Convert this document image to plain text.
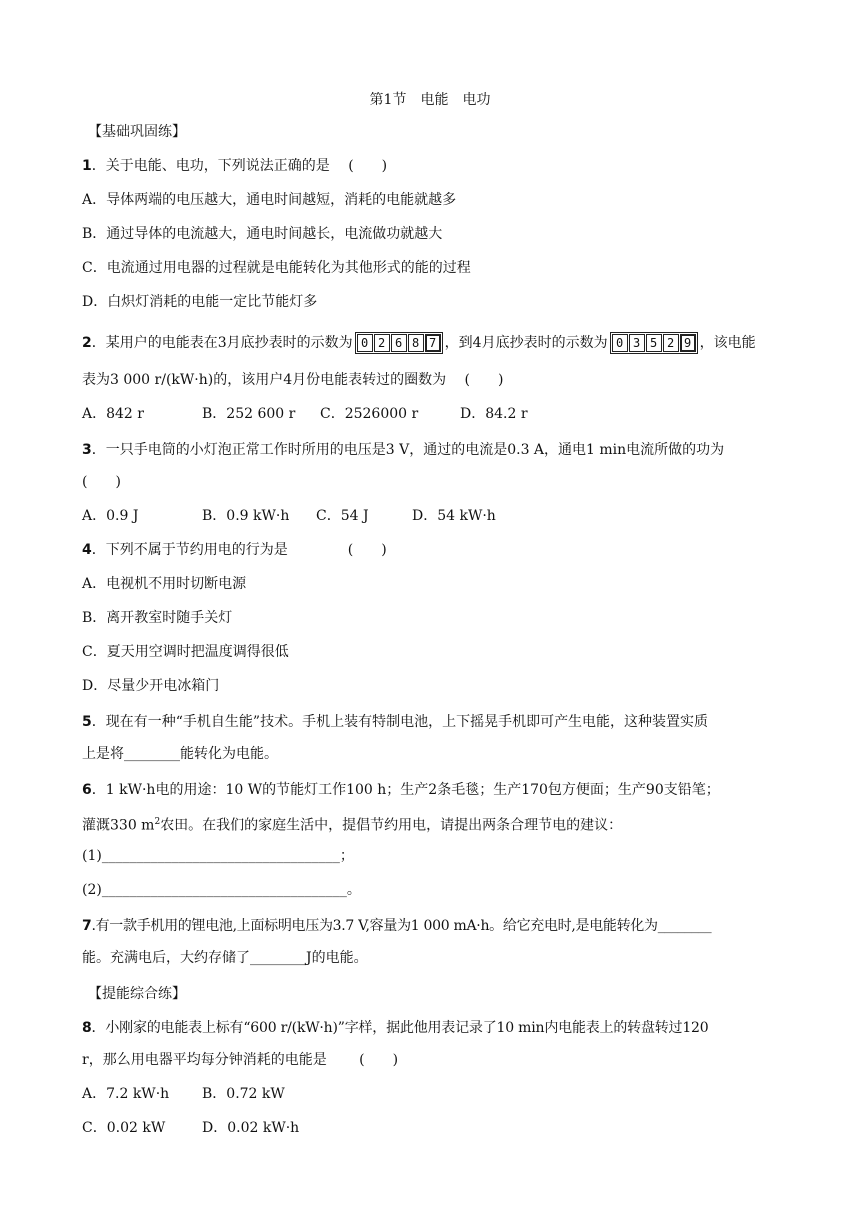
第1节　电能　电功
【基础巩固练】
1．关于电能、电功，下列说法正确的是　 (　　)
A．导体两端的电压越大，通电时间越短，消耗的电能就越多
B．通过导体的电流越大，通电时间越长，电流做功就越大
C．电流通过用电器的过程就是电能转化为其他形式的能的过程
D．白炽灯消耗的电能一定比节能灯多
2．某用户的电能表在3月底抄表时的示数为 0 2 6 8 7 ，到4月底抄表时的示数为 0 3 5 2 9 ，该电能
表为3 000 r/(kW·h)的，该用户4月份电能表转过的圈数为　 (　　)
A．842 r	B．252 600 r C．2526000 r	D．84.2 r
3．一只手电筒的小灯泡正常工作时所用的电压是3 V，通过的电流是0.3 A，通电1 min电流所做的功为
(　　)
A．0.9 J	B．0.9 kW·h C．54 J	D．54 kW·h
4．下列不属于节约用电的行为是	(　　)
A．电视机不用时切断电源
B．离开教室时随手关灯
C．夏天用空调时把温度调得很低
D．尽量少开电冰箱门
5．现在有一种“手机自生能”技术。手机上装有特制电池，上下摇晃手机即可产生电能，这种装置实质
上是将________能转化为电能。
6．1 kW·h电的用途：10 W的节能灯工作100 h；生产2条毛毯；生产170包方便面；生产90支铅笔；
灌溉330 $m^2$农田。在我们的家庭生活中，提倡节约用电，请提出两条合理节电的建议：
(1)__________________________________；
(2)___________________________________。
7.有一款手机用的锂电池,上面标明电压为3.7 V,容量为1 000 mA·h。给它充电时,是电能转化为________
能。充满电后，大约存储了________J的电能。
【提能综合练】
8．小刚家的电能表上标有“600 r/(kW·h)”字样，据此他用表记录了10 min内电能表上的转盘转过120
r，那么用电器平均每分钟消耗的电能是　　 (　　)
A．7.2 kW·h B．0.72 kW
C．0.02 kW	D．0.02 kW·h
